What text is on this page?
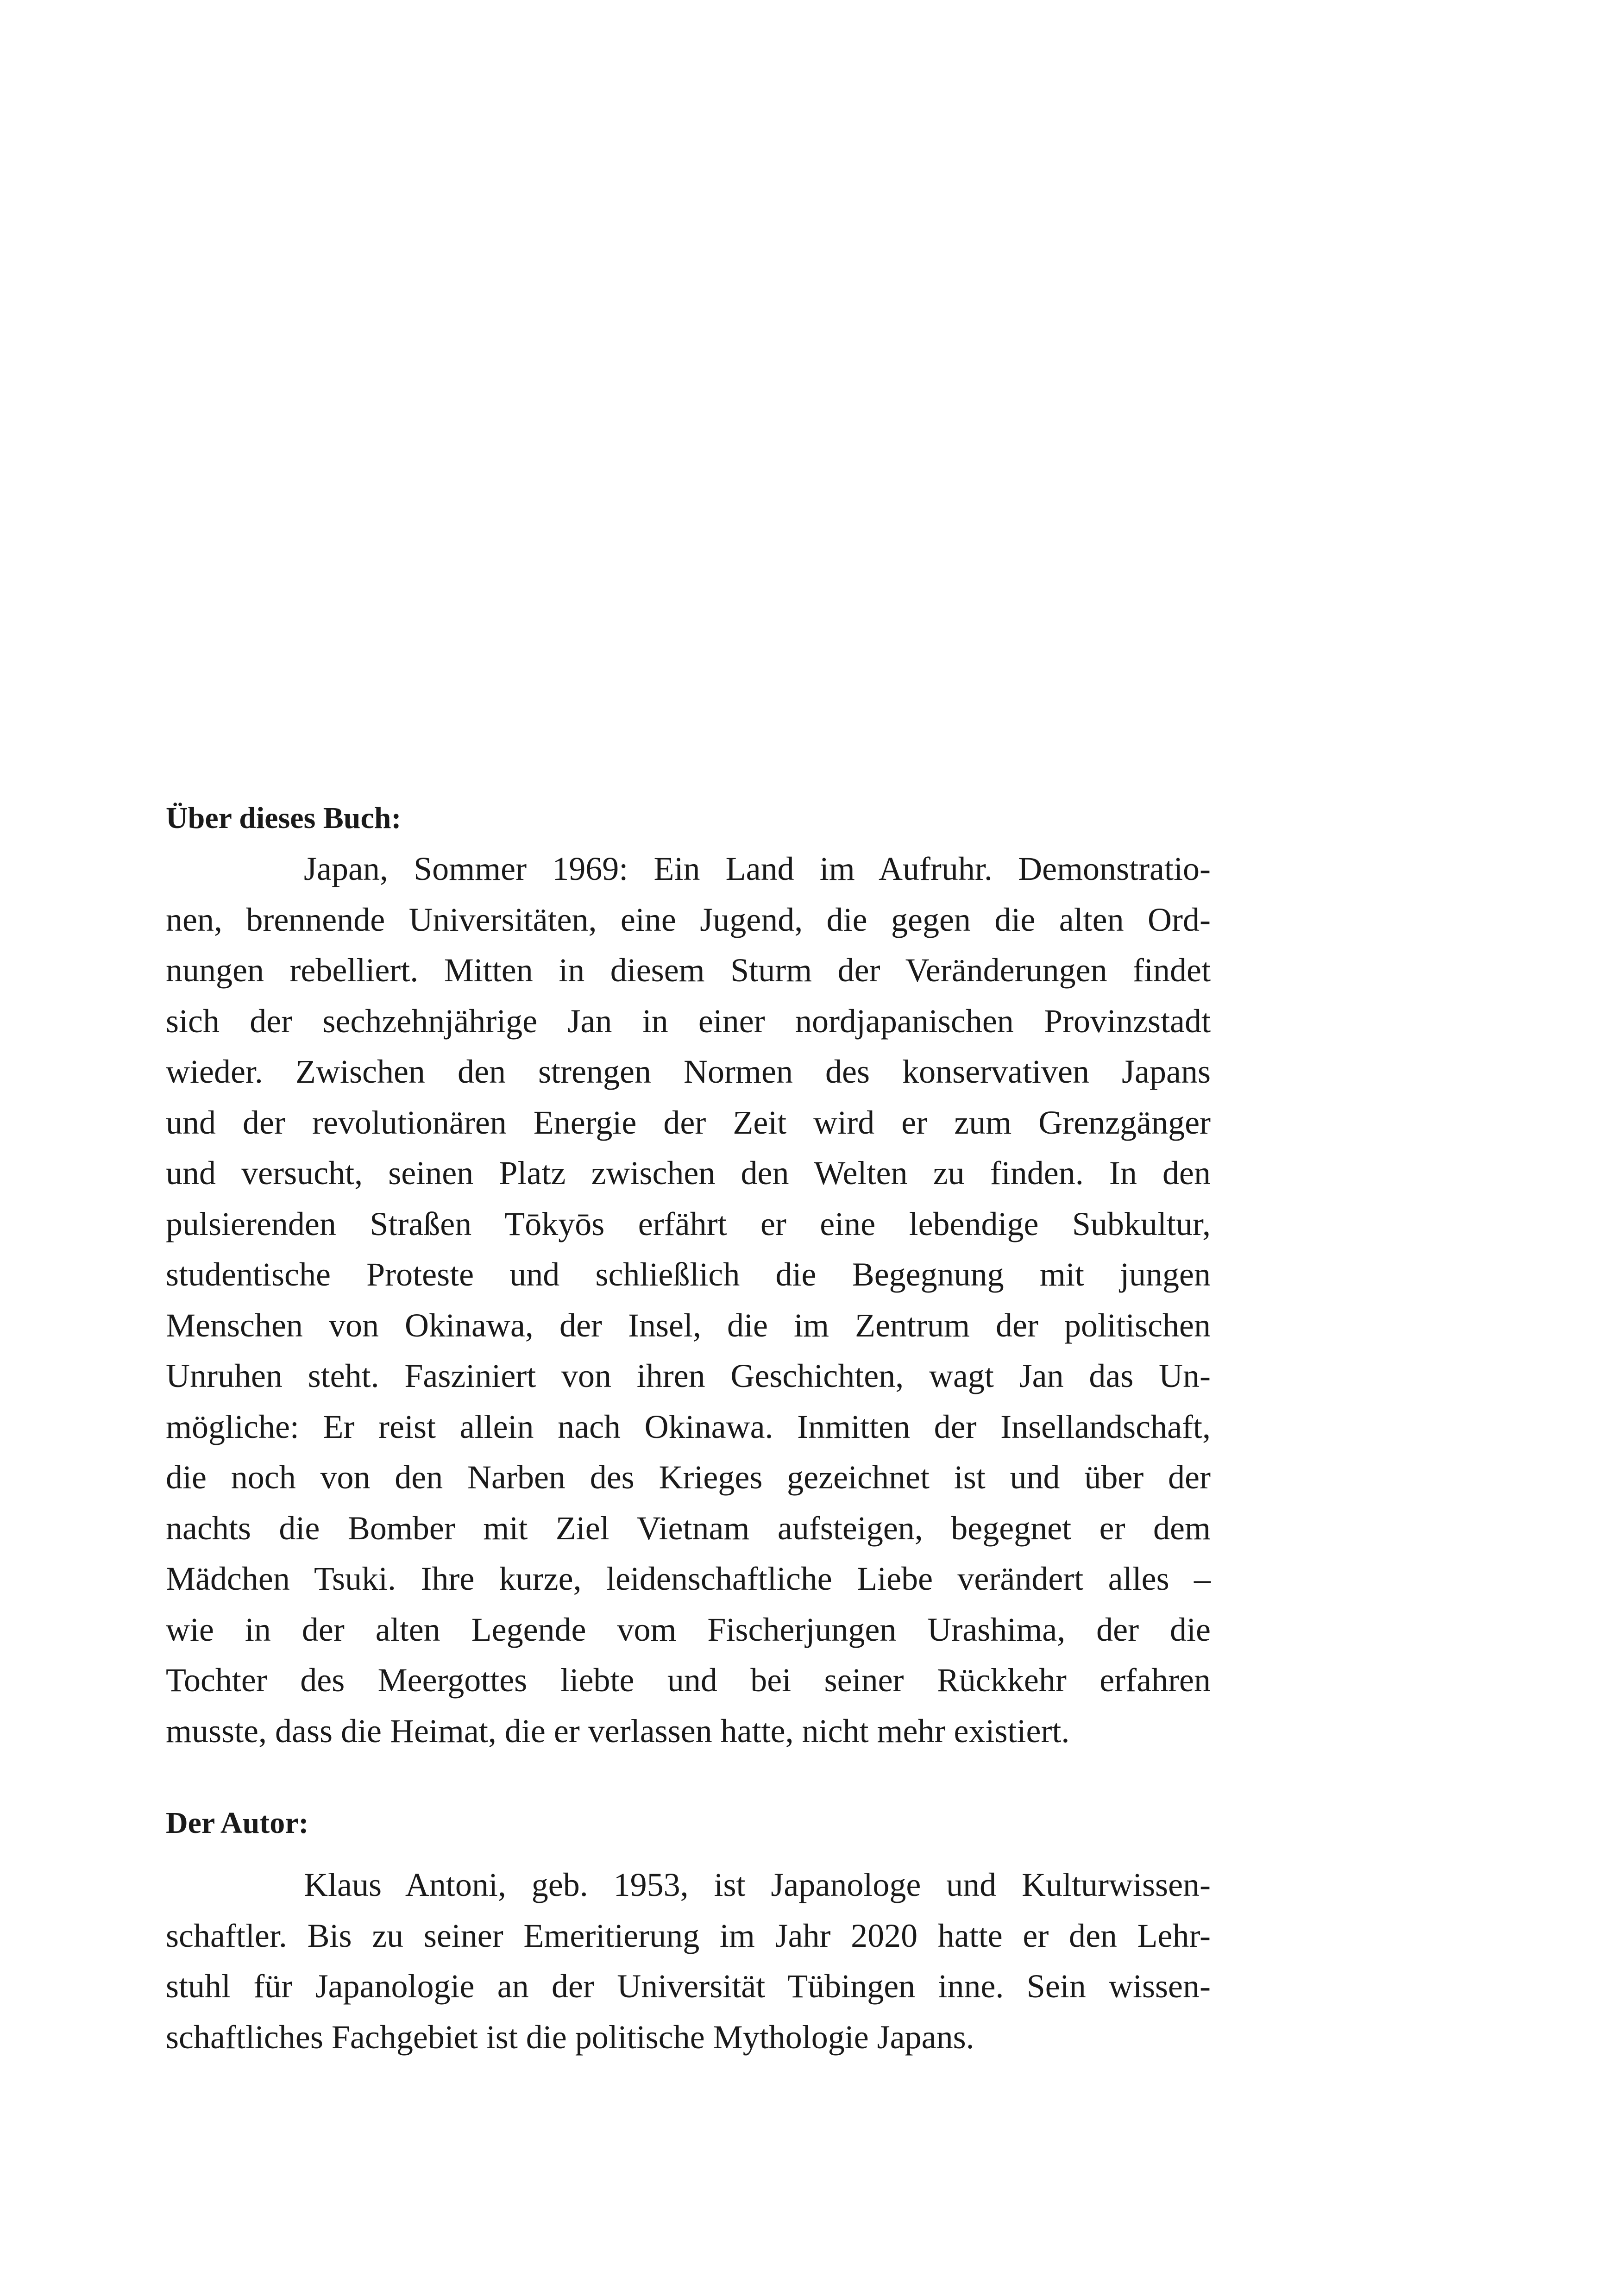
Über dieses Buch:

Japan, Sommer 1969: Ein Land im Aufruhr. Demonstratio-
nen, brennende Universitäten, eine Jugend, die gegen die alten Ord-
nungen rebelliert. Mitten in diesem Sturm der Veränderungen findet
sich der sechzehnjährige Jan in einer nordjapanischen Provinzstadt
wieder. Zwischen den strengen Normen des konservativen Japans
und der revolutionären Energie der Zeit wird er zum Grenzgänger
und versucht, seinen Platz zwischen den Welten zu finden. In den
pulsierenden Straßen Tōkyōs erfährt er eine lebendige Subkultur,
studentische Proteste und schließlich die Begegnung mit jungen
Menschen von Okinawa, der Insel, die im Zentrum der politischen
Unruhen steht. Fasziniert von ihren Geschichten, wagt Jan das Un-
mögliche: Er reist allein nach Okinawa. Inmitten der Insellandschaft,
die noch von den Narben des Krieges gezeichnet ist und über der
nachts die Bomber mit Ziel Vietnam aufsteigen, begegnet er dem
Mädchen Tsuki. Ihre kurze, leidenschaftliche Liebe verändert alles –
wie in der alten Legende vom Fischerjungen Urashima, der die
Tochter des Meergottes liebte und bei seiner Rückkehr erfahren
musste, dass die Heimat, die er verlassen hatte, nicht mehr existiert.

Der Autor:

Klaus Antoni, geb. 1953, ist Japanologe und Kulturwissen-
schaftler. Bis zu seiner Emeritierung im Jahr 2020 hatte er den Lehr-
stuhl für Japanologie an der Universität Tübingen inne. Sein wissen-
schaftliches Fachgebiet ist die politische Mythologie Japans.
